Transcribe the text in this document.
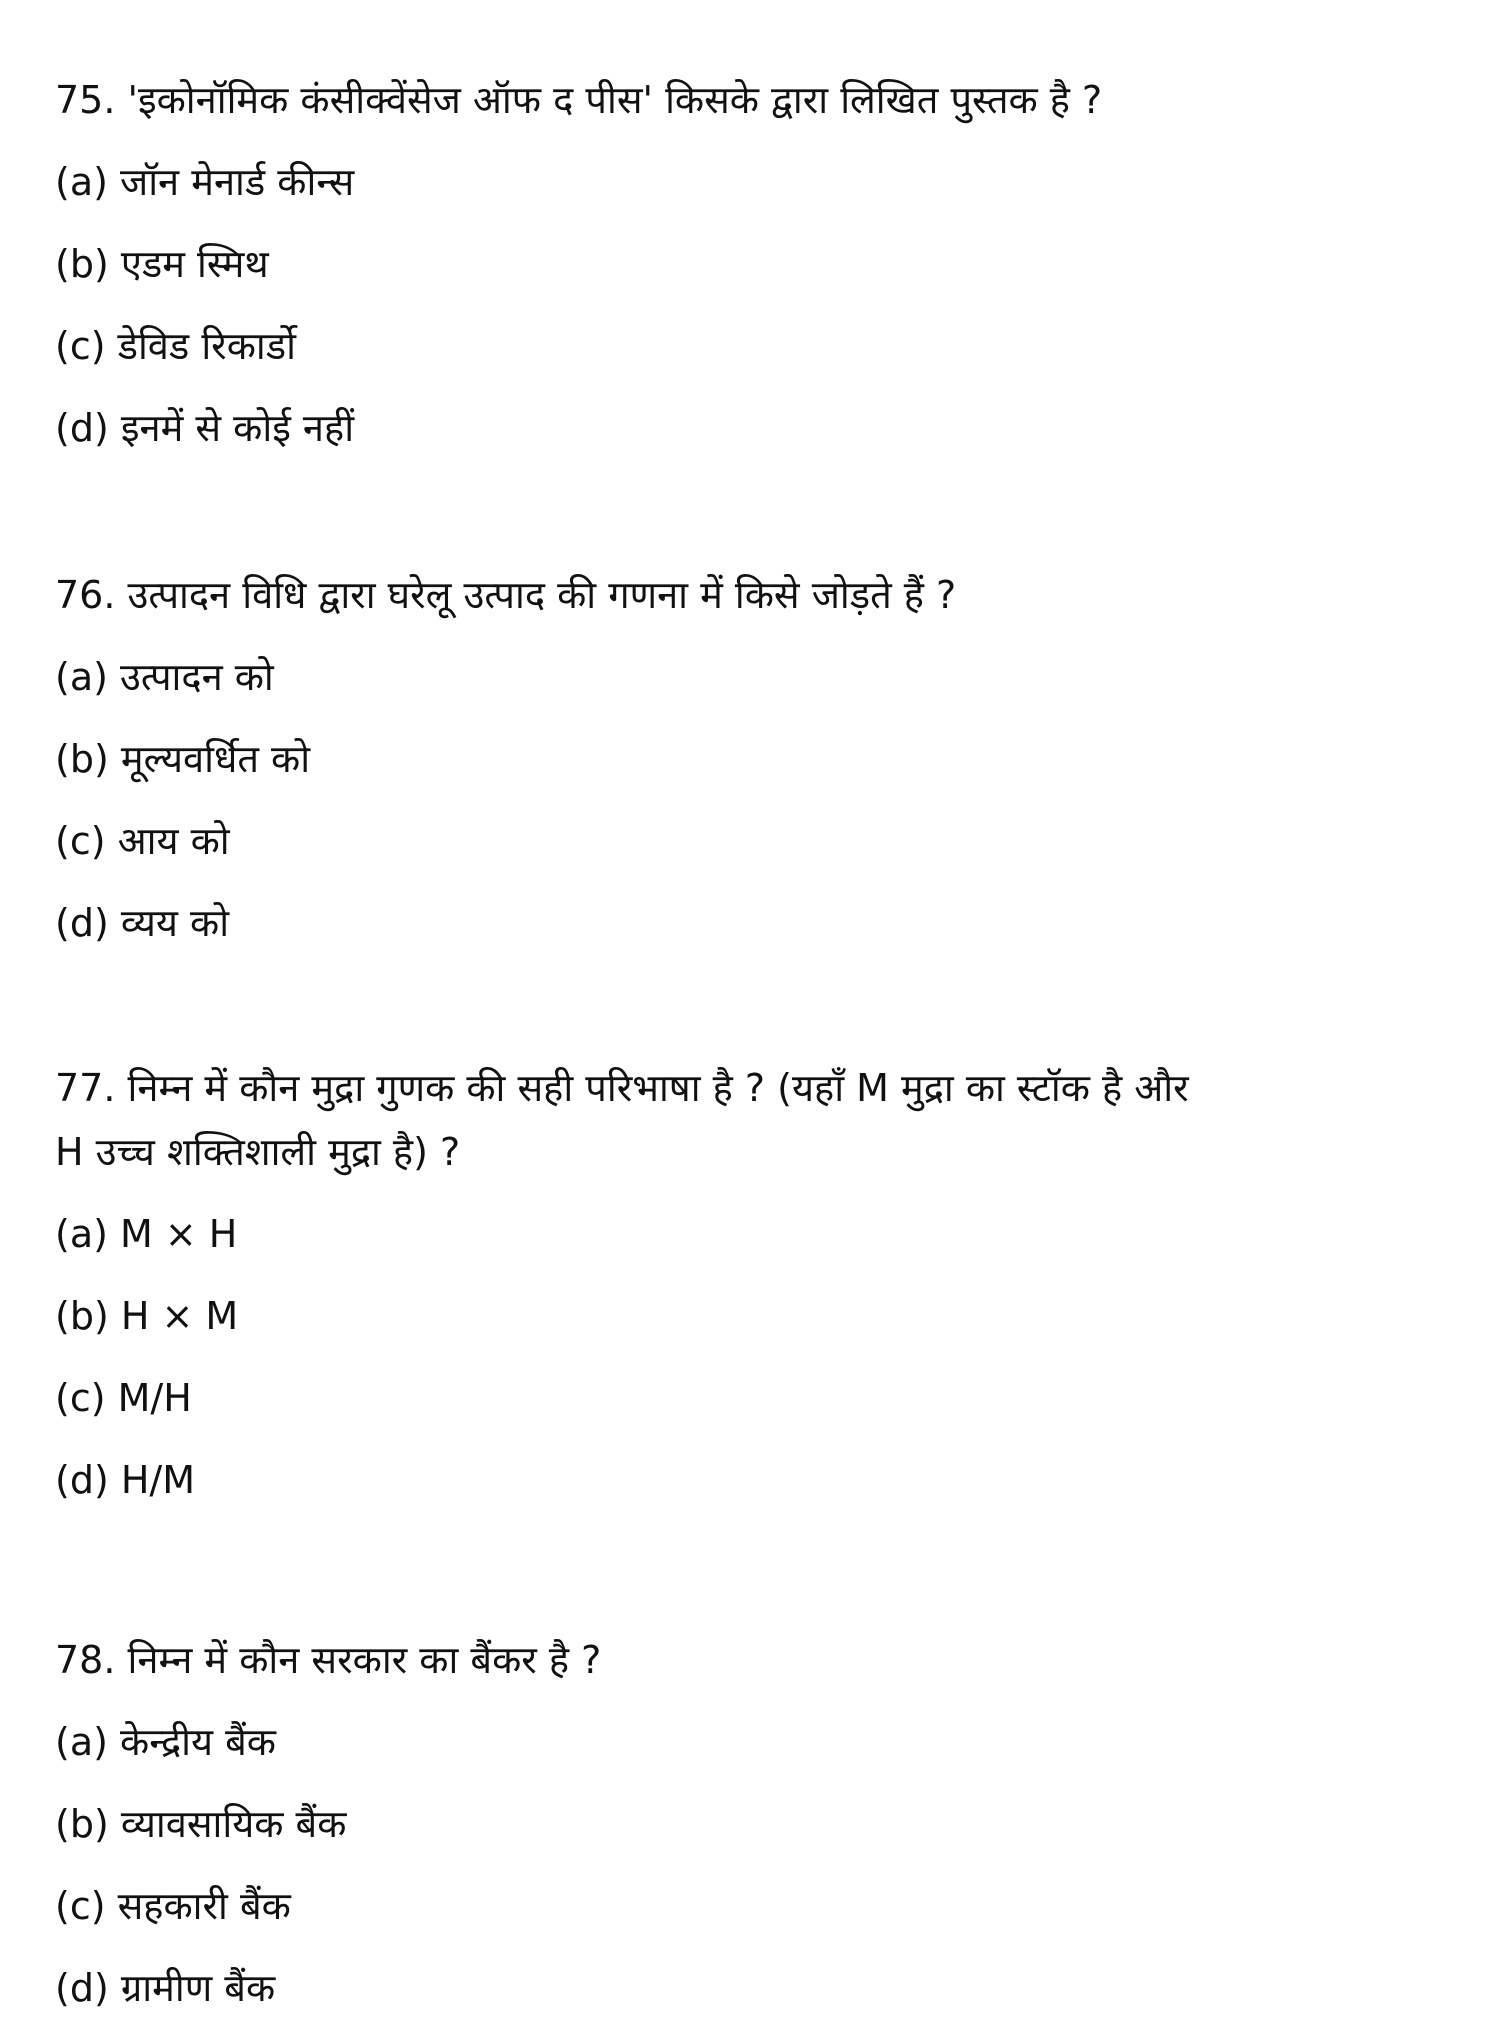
75. 'इकोनॉमिक कंसीक्वेंसेज ऑफ द पीस' किसके द्वारा लिखित पुस्तक है ?

(a) जॉन मेनार्ड कीन्स

(b) एडम स्मिथ

(c) डेविड रिकार्डो

(d) इनमें से कोई नहीं

76. उत्पादन विधि द्वारा घरेलू उत्पाद की गणना में किसे जोड़ते हैं ?

(a) उत्पादन को

(b) मूल्यवर्धित को

(c) आय को

(d) व्यय को

77. निम्न में कौन मुद्रा गुणक की सही परिभाषा है ? (यहाँ M मुद्रा का स्टॉक है और

H उच्च शक्तिशाली मुद्रा है) ?

(a) M × H

(b) H × M

(c) M/H

(d) H/M

78. निम्न में कौन सरकार का बैंकर है ?

(a) केन्द्रीय बैंक

(b) व्यावसायिक बैंक

(c) सहकारी बैंक

(d) ग्रामीण बैंक
